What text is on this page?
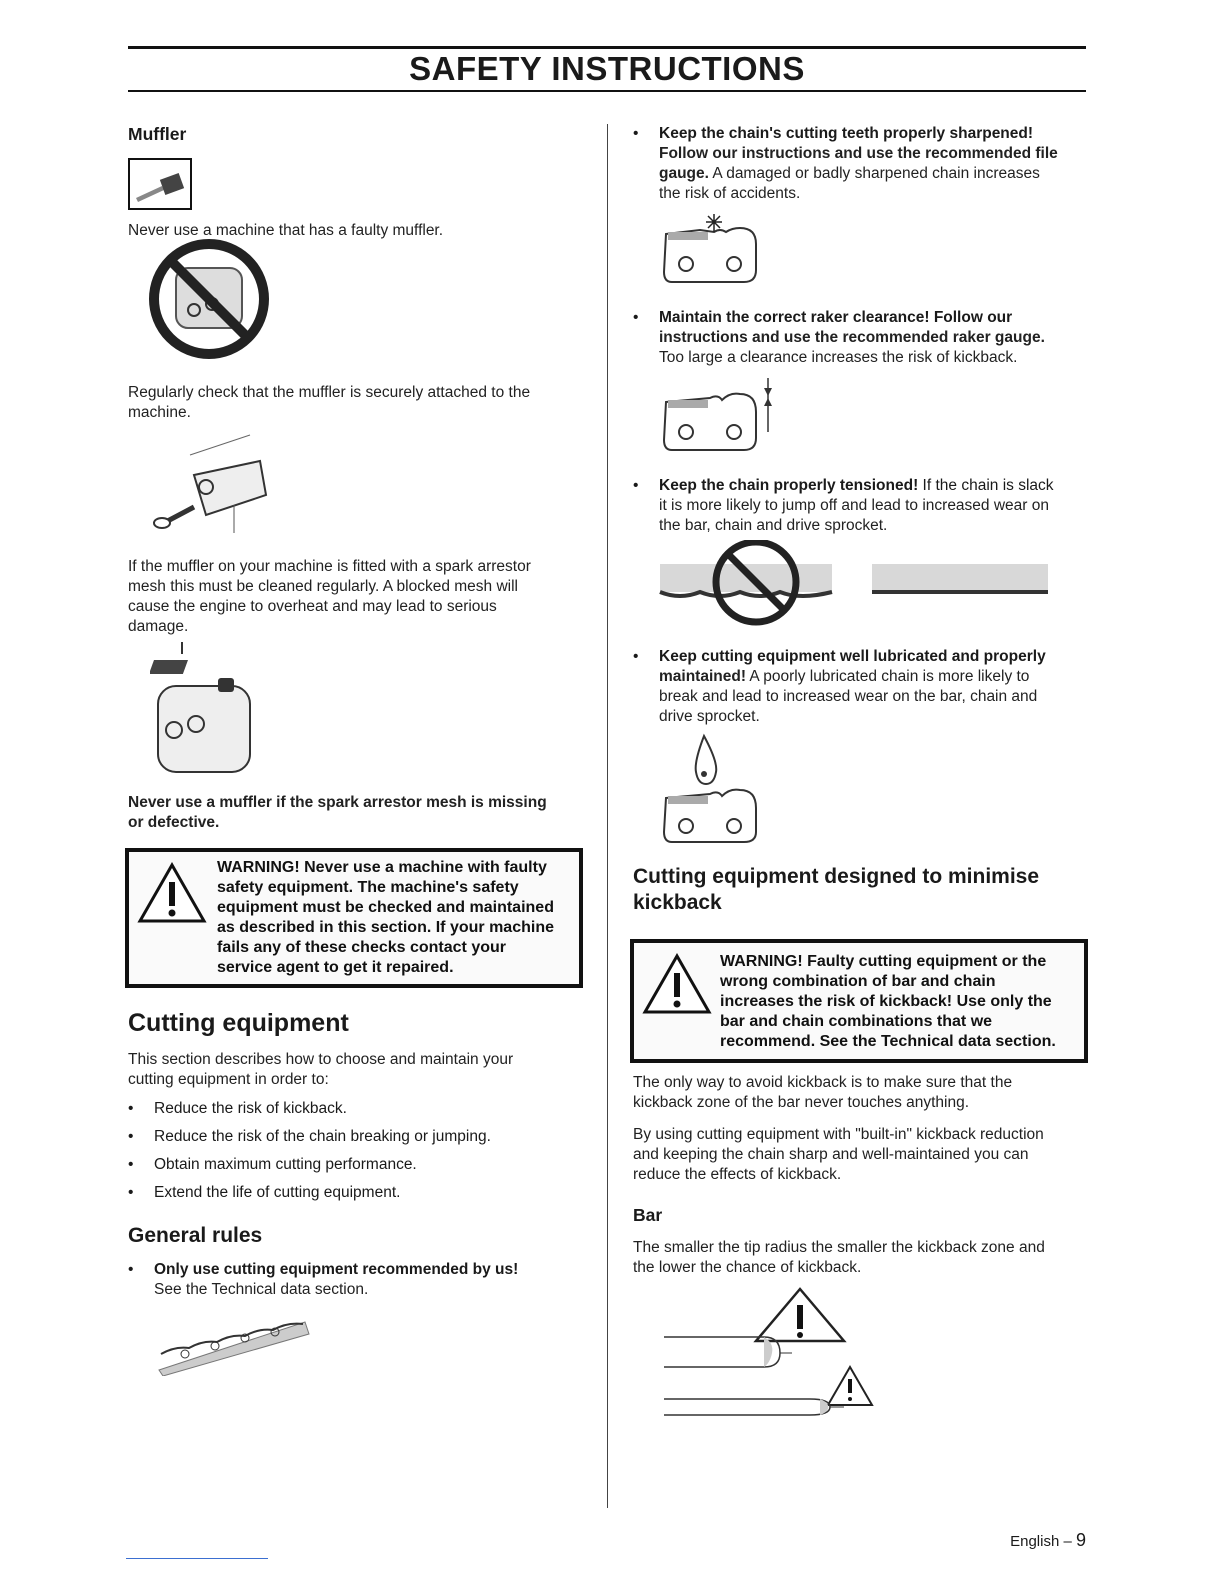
SAFETY INSTRUCTIONS
Muffler
Never use a machine that has a faulty muffler.
Regularly check that the muffler is securely attached to the
machine.
If the muffler on your machine is fitted with a spark arrestor
mesh this must be cleaned regularly. A blocked mesh will
cause the engine to overheat and may lead to serious
damage.
Never use a muffler if the spark arrestor mesh is missing
or defective.
WARNING! Never use a machine with faulty
safety equipment. The machine's safety
equipment must be checked and maintained
as described in this section. If your machine
fails any of these checks contact your
service agent to get it repaired.
Cutting equipment
This section describes how to choose and maintain your
cutting equipment in order to:
• Reduce the risk of kickback.
• Reduce the risk of the chain breaking or jumping.
• Obtain maximum cutting performance.
• Extend the life of cutting equipment.
General rules
• Only use cutting equipment recommended by us!
See the Technical data section.
• Keep the chain's cutting teeth properly sharpened!
Follow our instructions and use the recommended file
gauge. A damaged or badly sharpened chain increases
the risk of accidents.
• Maintain the correct raker clearance! Follow our
instructions and use the recommended raker gauge.
Too large a clearance increases the risk of kickback.
• Keep the chain properly tensioned! If the chain is slack
it is more likely to jump off and lead to increased wear on
the bar, chain and drive sprocket.
• Keep cutting equipment well lubricated and properly
maintained! A poorly lubricated chain is more likely to
break and lead to increased wear on the bar, chain and
drive sprocket.
Cutting equipment designed to minimise
kickback
WARNING! Faulty cutting equipment or the
wrong combination of bar and chain
increases the risk of kickback! Use only the
bar and chain combinations that we
recommend. See the Technical data section.
The only way to avoid kickback is to make sure that the
kickback zone of the bar never touches anything.
By using cutting equipment with "built-in" kickback reduction
and keeping the chain sharp and well-maintained you can
reduce the effects of kickback.
Bar
The smaller the tip radius the smaller the kickback zone and
the lower the chance of kickback.
English – 9
